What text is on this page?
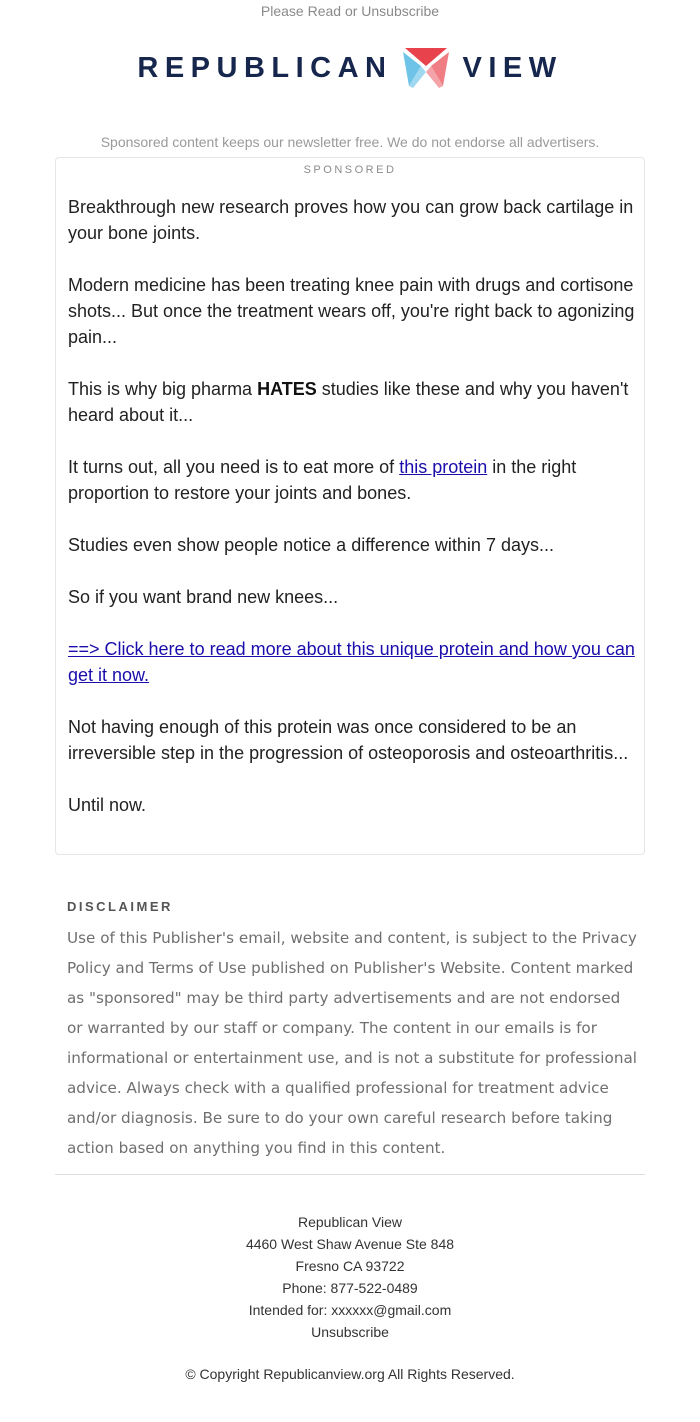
Please Read or Unsubscribe
REPUBLICAN VIEW
Sponsored content keeps our newsletter free. We do not endorse all advertisers.
SPONSORED

Breakthrough new research proves how you can grow back cartilage in your bone joints.

Modern medicine has been treating knee pain with drugs and cortisone shots... But once the treatment wears off, you're right back to agonizing pain...

This is why big pharma HATES studies like these and why you haven't heard about it...

It turns out, all you need is to eat more of this protein in the right proportion to restore your joints and bones.

Studies even show people notice a difference within 7 days...

So if you want brand new knees...

==> Click here to read more about this unique protein and how you can get it now.

Not having enough of this protein was once considered to be an irreversible step in the progression of osteoporosis and osteoarthritis...

Until now.

DISCLAIMER
Use of this Publisher's email, website and content, is subject to the Privacy Policy and Terms of Use published on Publisher's Website. Content marked as "sponsored" may be third party advertisements and are not endorsed or warranted by our staff or company. The content in our emails is for informational or entertainment use, and is not a substitute for professional advice. Always check with a qualified professional for treatment advice and/or diagnosis. Be sure to do your own careful research before taking action based on anything you find in this content.
Republican View
4460 West Shaw Avenue Ste 848
Fresno CA 93722
Phone: 877-522-0489
Intended for: xxxxxx@gmail.com
Unsubscribe
© Copyright Republicanview.org All Rights Reserved.
